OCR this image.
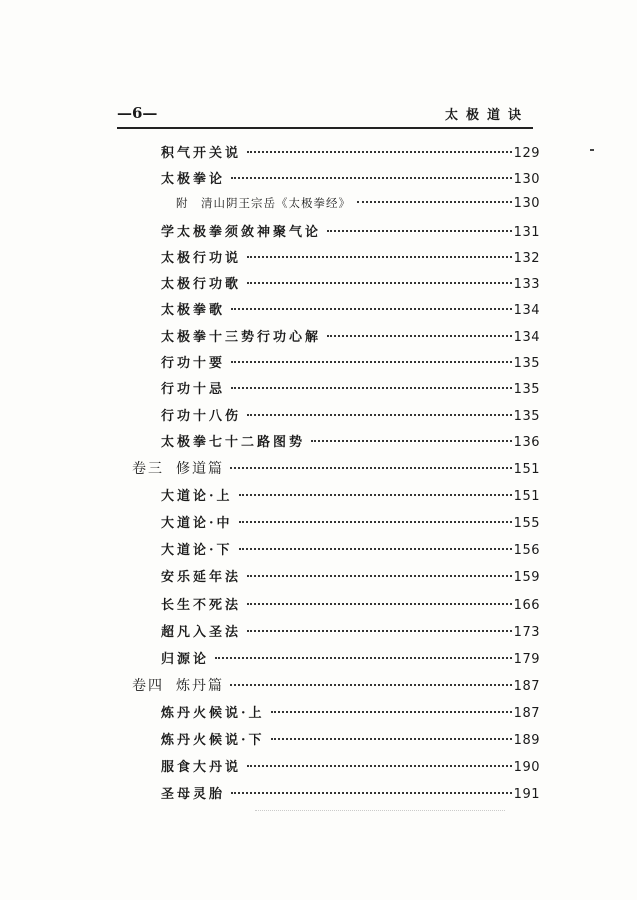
—6—	太极道诀
积气开关说	129
太极拳论	130
附　清山阴王宗岳《太极拳经》	130
学太极拳须敛神聚气论	131
太极行功说	132
太极行功歌	133
太极拳歌	134
太极拳十三势行功心解	134
行功十要	135
行功十忌	135
行功十八伤	135
太极拳七十二路图势	136
卷三 修道篇	151
大道论·上	151
大道论·中	155
大道论·下	156
安乐延年法	159
长生不死法	166
超凡入圣法	173
归源论	179
卷四 炼丹篇	187
炼丹火候说·上	187
炼丹火候说·下	189
服食大丹说	190
圣母灵胎	191
